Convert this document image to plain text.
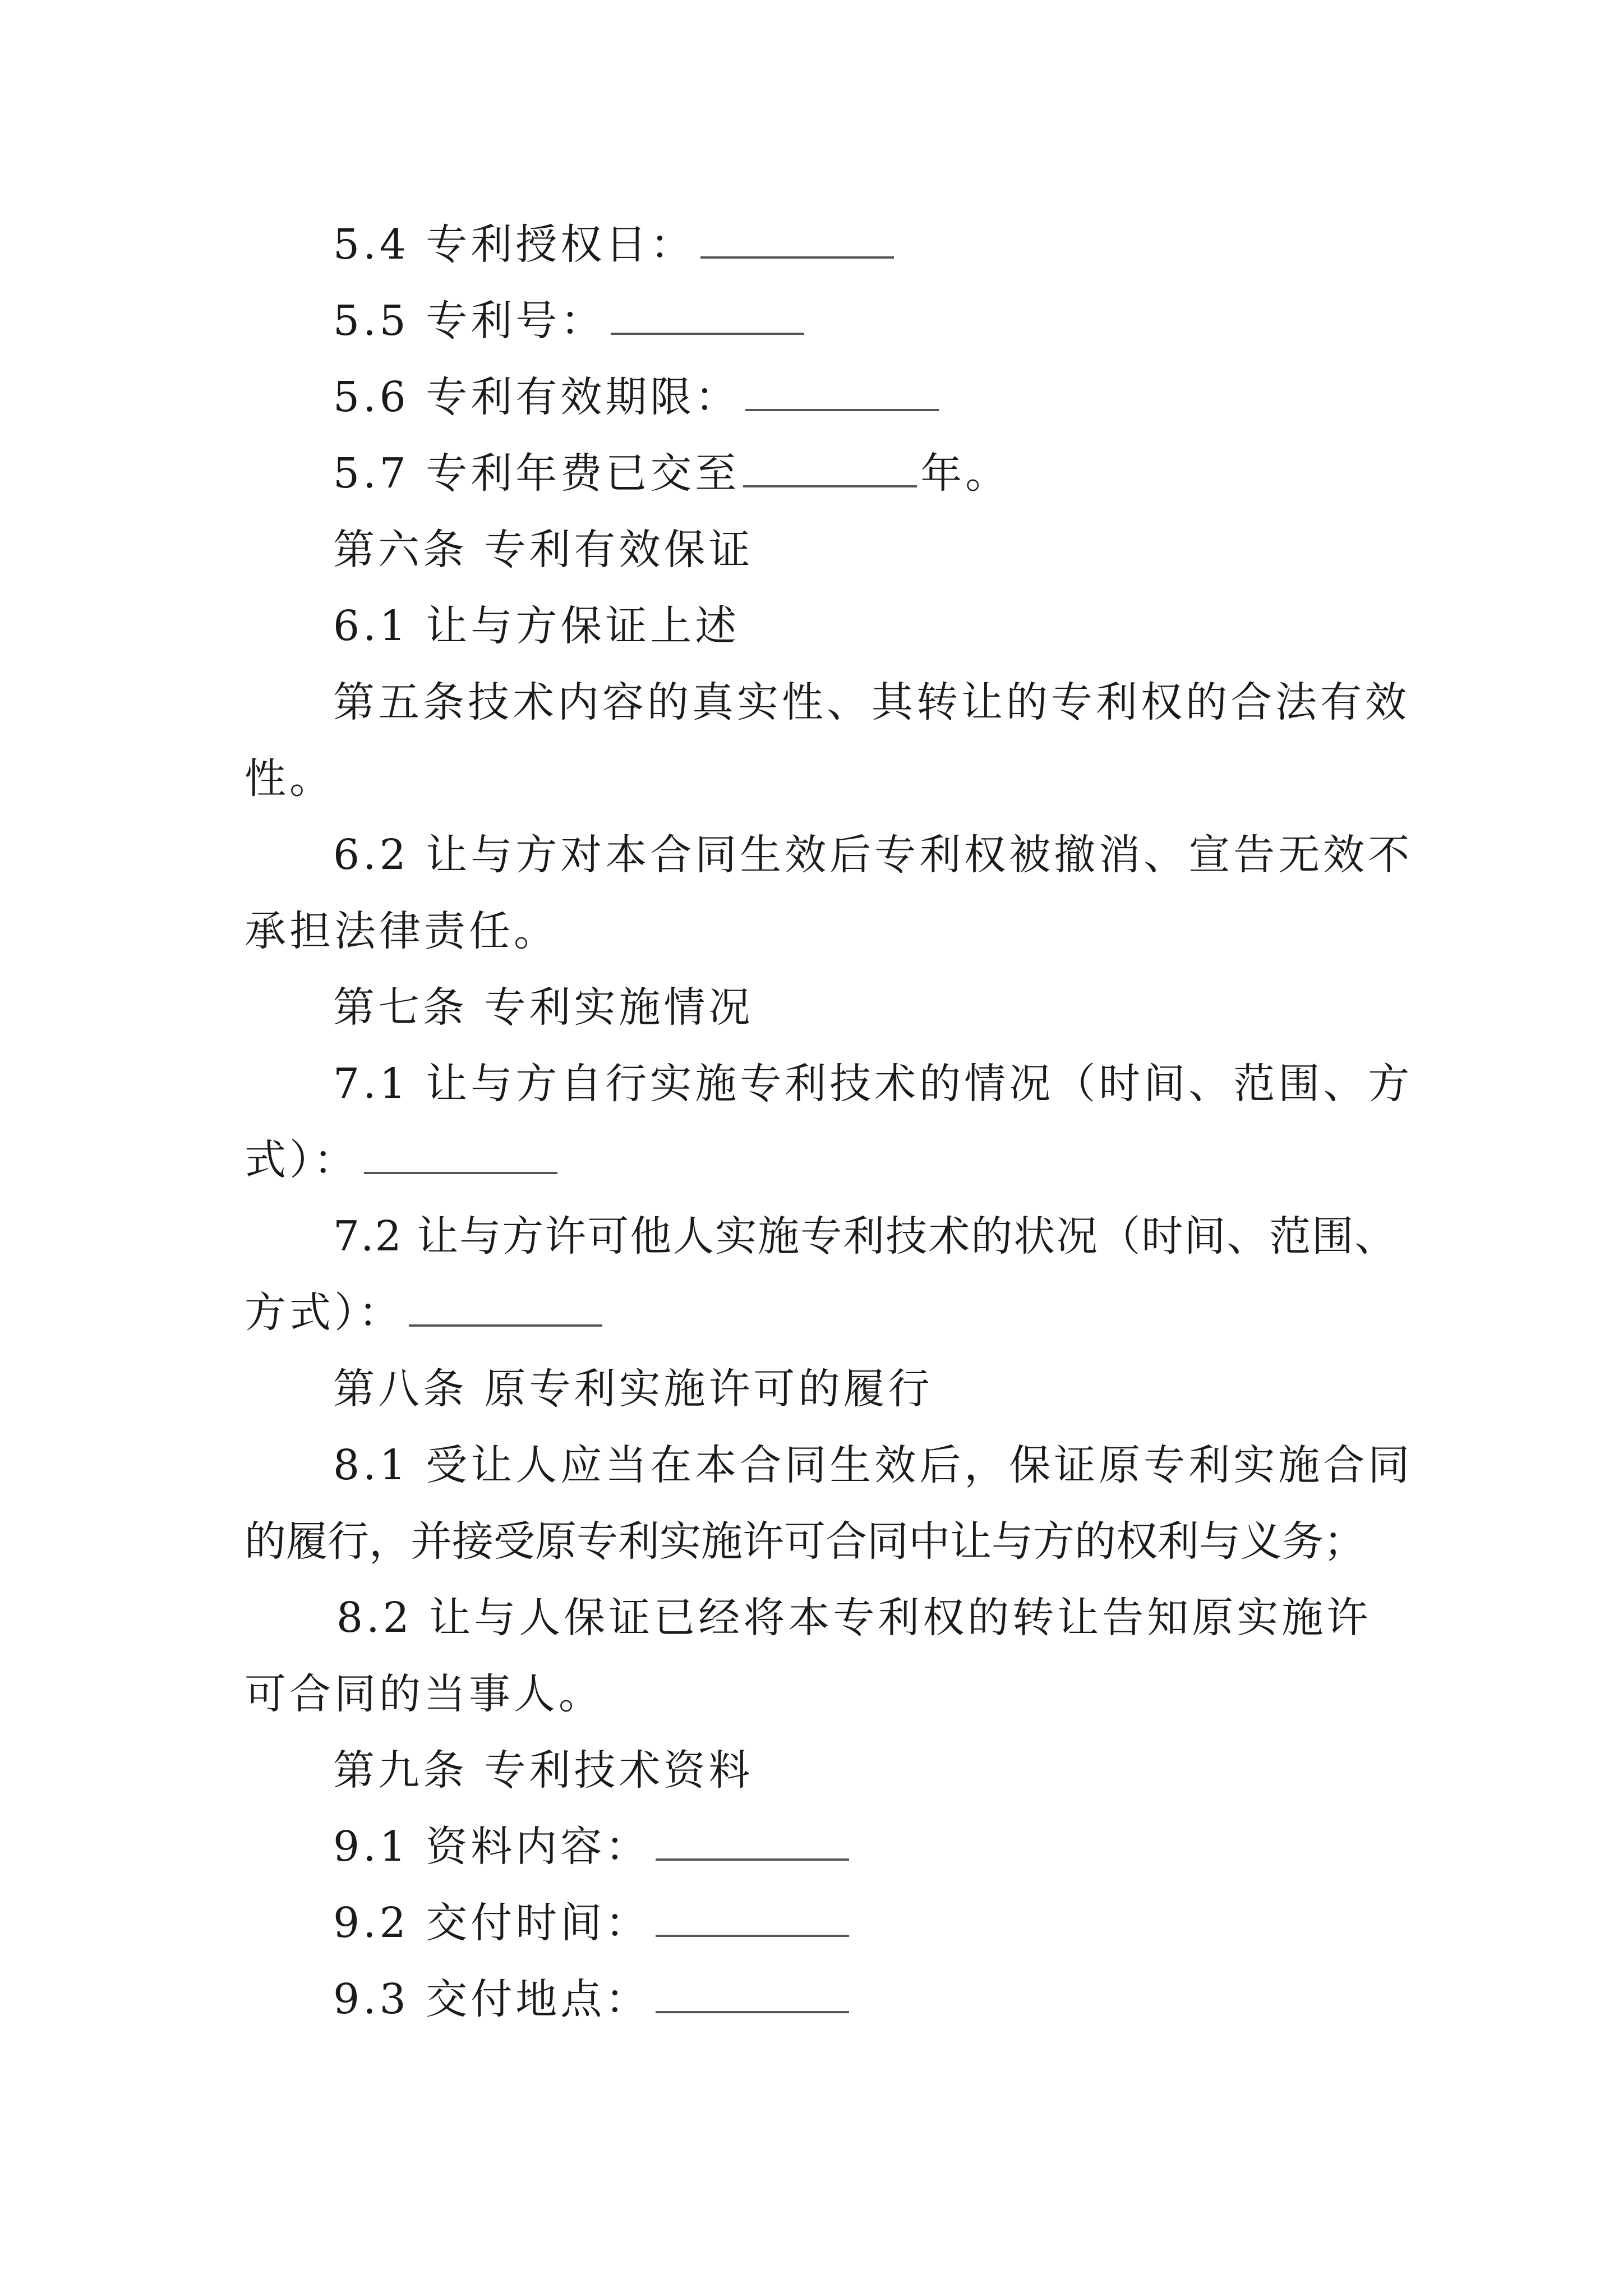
5.4 专利授权日：
5.5 专利号：
5.6 专利有效期限：
5.7 专利年费已交至	年。
第六条 专利有效保证
6.1 让与方保证上述
第五条技术内容的真实性、其转让的专利权的合法有效
性。
6.2 让与方对本合同生效后专利权被撤消、宣告无效不
承担法律责任。
第七条 专利实施情况
7.1 让与方自行实施专利技术的情况（时间、范围、方
式）：
7.2 让与方许可他人实施专利技术的状况（时间、范围、
方式）：
第八条 原专利实施许可的履行
8.1 受让人应当在本合同生效后，保证原专利实施合同
的履行，并接受原专利实施许可合同中让与方的权利与义务；
8.2 让与人保证已经将本专利权的转让告知原实施许
可合同的当事人。
第九条 专利技术资料
9.1 资料内容：
9.2 交付时间：
9.3 交付地点：
